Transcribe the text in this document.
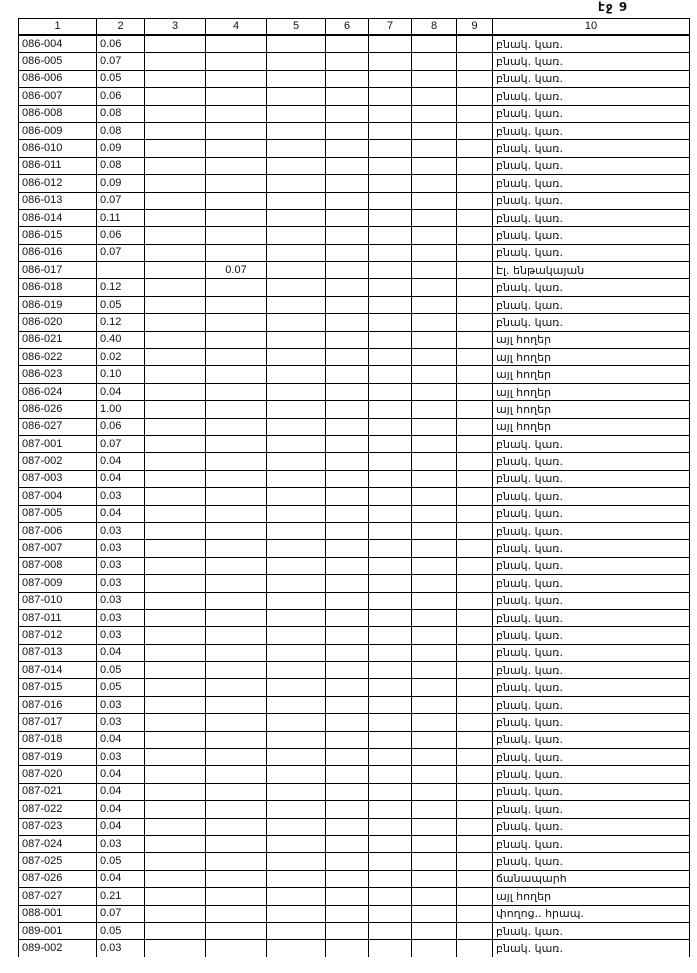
էջ 9
1	2	3	4	5	6	7	8	9	10
086-004	0.06								բնակ. կառ.
086-005	0.07								բնակ. կառ.
086-006	0.05								բնակ. կառ.
086-007	0.06								բնակ. կառ.
086-008	0.08								բնակ. կառ.
086-009	0.08								բնակ. կառ.
086-010	0.09								բնակ. կառ.
086-011	0.08								բնակ. կառ.
086-012	0.09								բնակ. կառ.
086-013	0.07								բնակ. կառ.
086-014	0.11								բնակ. կառ.
086-015	0.06								բնակ. կառ.
086-016	0.07								բնակ. կառ.
086-017			0.07						Էլ. ենթակայան
086-018	0.12								բնակ. կառ.
086-019	0.05								բնակ. կառ.
086-020	0.12								բնակ. կառ.
086-021	0.40								այլ հողեր
086-022	0.02								այլ հողեր
086-023	0.10								այլ հողեր
086-024	0.04								այլ հողեր
086-026	1.00								այլ հողեր
086-027	0.06								այլ հողեր
087-001	0.07								բնակ. կառ.
087-002	0.04								բնակ. կառ.
087-003	0.04								բնակ. կառ.
087-004	0.03								բնակ. կառ.
087-005	0.04								բնակ. կառ.
087-006	0.03								բնակ. կառ.
087-007	0.03								բնակ. կառ.
087-008	0.03								բնակ. կառ.
087-009	0.03								բնակ. կառ.
087-010	0.03								բնակ. կառ.
087-011	0.03								բնակ. կառ.
087-012	0.03								բնակ. կառ.
087-013	0.04								բնակ. կառ.
087-014	0.05								բնակ. կառ.
087-015	0.05								բնակ. կառ.
087-016	0.03								բնակ. կառ.
087-017	0.03								բնակ. կառ.
087-018	0.04								բնակ. կառ.
087-019	0.03								բնակ. կառ.
087-020	0.04								բնակ. կառ.
087-021	0.04								բնակ. կառ.
087-022	0.04								բնակ. կառ.
087-023	0.04								բնակ. կառ.
087-024	0.03								բնակ. կառ.
087-025	0.05								բնակ. կառ.
087-026	0.04								ճանապարհ
087-027	0.21								այլ հողեր
088-001	0.07								փողոց.. հրապ.
089-001	0.05								բնակ. կառ.
089-002	0.03								բնակ. կառ.
